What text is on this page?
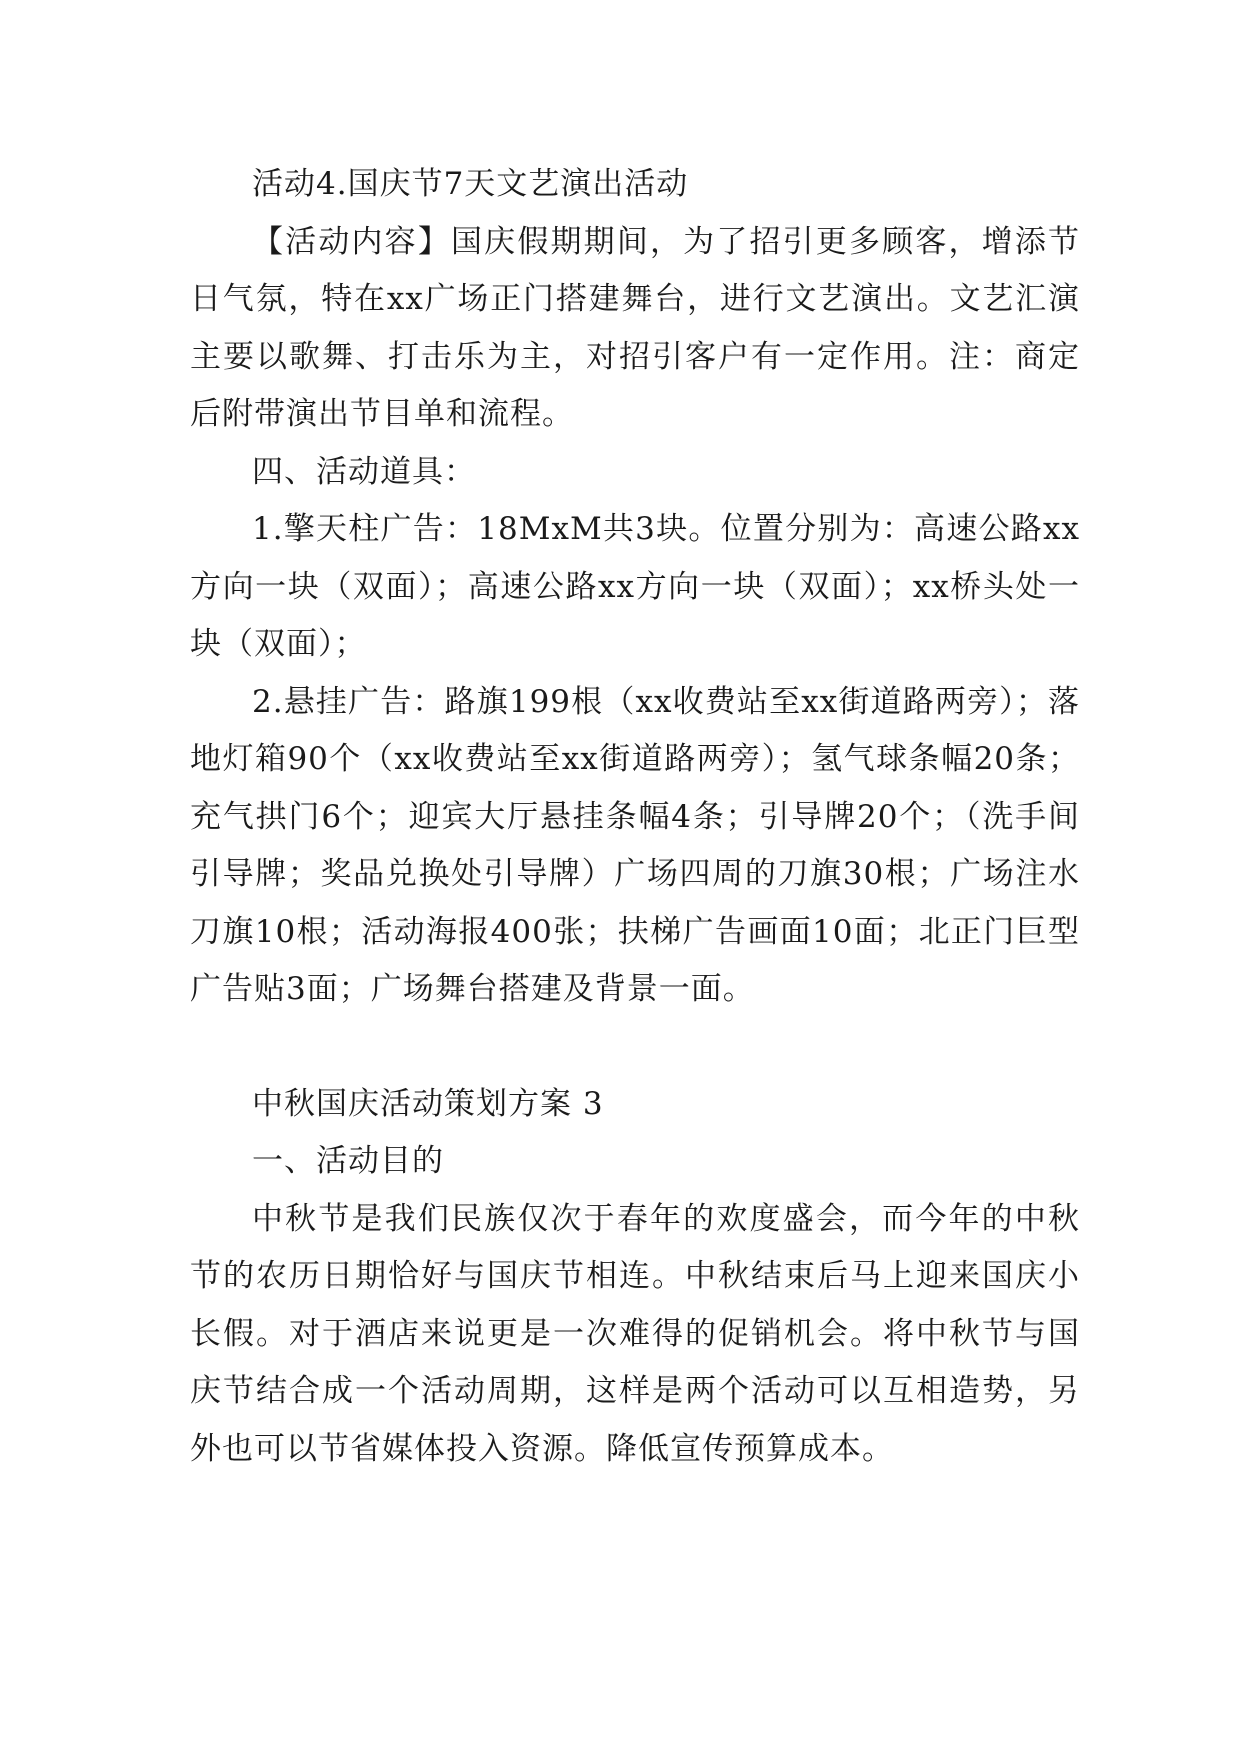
活动4.国庆节7天文艺演出活动

【活动内容】国庆假期期间，为了招引更多顾客，增添节日气氛，特在xx广场正门搭建舞台，进行文艺演出。文艺汇演主要以歌舞、打击乐为主，对招引客户有一定作用。注：商定后附带演出节目单和流程。

四、活动道具：

1.擎天柱广告：18MxM共3块。位置分别为：高速公路xx方向一块（双面）；高速公路xx方向一块（双面）；xx桥头处一块（双面）；

2.悬挂广告：路旗199根（xx收费站至xx街道路两旁）；落地灯箱90个（xx收费站至xx街道路两旁）；氢气球条幅20条；充气拱门6个；迎宾大厅悬挂条幅4条；引导牌20个；（洗手间引导牌；奖品兑换处引导牌）广场四周的刀旗30根；广场注水刀旗10根；活动海报400张；扶梯广告画面10面；北正门巨型广告贴3面；广场舞台搭建及背景一面。

中秋国庆活动策划方案 3

一、活动目的

中秋节是我们民族仅次于春年的欢度盛会，而今年的中秋节的农历日期恰好与国庆节相连。中秋结束后马上迎来国庆小长假。对于酒店来说更是一次难得的促销机会。将中秋节与国庆节结合成一个活动周期，这样是两个活动可以互相造势，另外也可以节省媒体投入资源。降低宣传预算成本。
